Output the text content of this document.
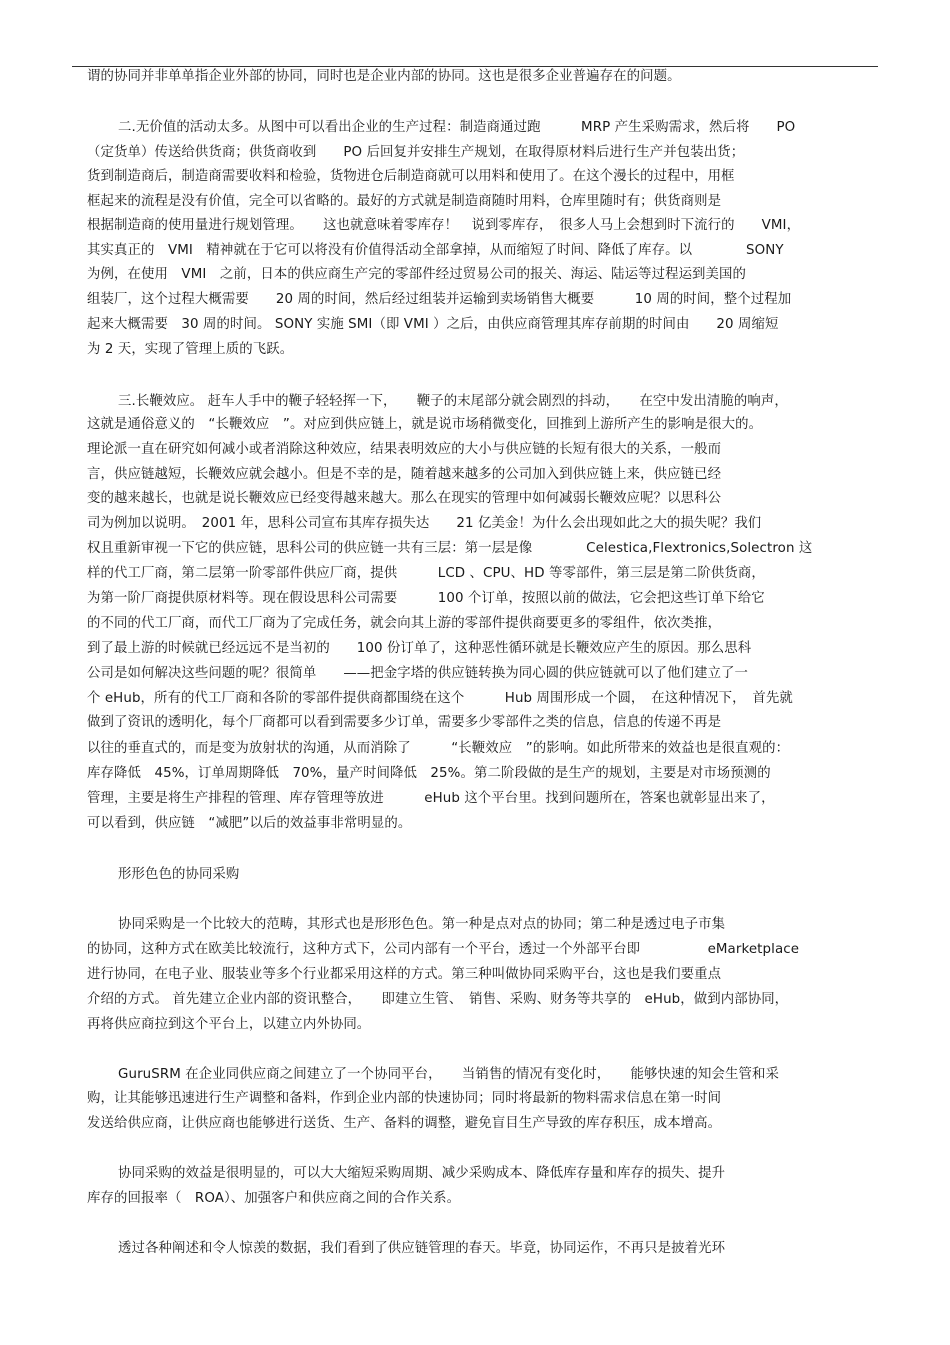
谓的协同并非单单指企业外部的协同，同时也是企业内部的协同。这也是很多企业普遍存在的问题。
二.无价值的活动太多。从图中可以看出企业的生产过程：制造商通过跑　　　MRP 产生采购需求，然后将　　PO
（定货单）传送给供货商；供货商收到　　PO 后回复并安排生产规划，在取得原材料后进行生产并包装出货；
货到制造商后，制造商需要收料和检验，货物进仓后制造商就可以用料和使用了。在这个漫长的过程中，用框
框起来的流程是没有价值，完全可以省略的。最好的方式就是制造商随时用料，仓库里随时有；供货商则是
根据制造商的使用量进行规划管理。　　这也就意味着零库存！　说到零库存，　很多人马上会想到时下流行的　　VMI，
其实真正的　VMI　精神就在于它可以将没有价值得活动全部拿掉，从而缩短了时间、降低了库存。以　　　　SONY
为例，在使用　VMI　之前，日本的供应商生产完的零部件经过贸易公司的报关、海运、陆运等过程运到美国的
组装厂，这个过程大概需要　　20 周的时间，然后经过组装并运输到卖场销售大概要　　　10 周的时间，整个过程加
起来大概需要　30 周的时间。 SONY 实施 SMI（即 VMI ）之后，由供应商管理其库存前期的时间由　　20 周缩短
为 2 天，实现了管理上质的飞跃。
三.长鞭效应。 赶车人手中的鞭子轻轻挥一下，　　鞭子的末尾部分就会剧烈的抖动，　　在空中发出清脆的响声，
这就是通俗意义的　“长鞭效应　”。对应到供应链上，就是说市场稍微变化，回推到上游所产生的影响是很大的。
理论派一直在研究如何减小或者消除这种效应，结果表明效应的大小与供应链的长短有很大的关系，一般而
言，供应链越短，长鞭效应就会越小。但是不幸的是，随着越来越多的公司加入到供应链上来，供应链已经
变的越来越长，也就是说长鞭效应已经变得越来越大。那么在现实的管理中如何减弱长鞭效应呢？以思科公
司为例加以说明。　2001 年，思科公司宣布其库存损失达　　21 亿美金！为什么会出现如此之大的损失呢？我们
权且重新审视一下它的供应链，思科公司的供应链一共有三层：第一层是像　　　　Celestica,Flextronics,Solectron 这
样的代工厂商，第二层第一阶零部件供应厂商，提供　　　LCD 、CPU、HD 等零部件，第三层是第二阶供货商，
为第一阶厂商提供原材料等。现在假设思科公司需要　　　100 个订单，按照以前的做法，它会把这些订单下给它
的不同的代工厂商，而代工厂商为了完成任务，就会向其上游的零部件提供商要更多的零组件，依次类推，
到了最上游的时候就已经远远不是当初的　　100 份订单了，这种恶性循环就是长鞭效应产生的原因。那么思科
公司是如何解决这些问题的呢？很简单　　——把金字塔的供应链转换为同心圆的供应链就可以了他们建立了一
个 eHub，所有的代工厂商和各阶的零部件提供商都围绕在这个　　　Hub 周围形成一个圆，　在这种情况下，　首先就
做到了资讯的透明化，每个厂商都可以看到需要多少订单，需要多少零部件之类的信息，信息的传递不再是
以往的垂直式的，而是变为放射状的沟通，从而消除了　　　“长鞭效应　”的影响。如此所带来的效益也是很直观的：
库存降低　45%，订单周期降低　70%，量产时间降低　25%。第二阶段做的是生产的规划，主要是对市场预测的
管理，主要是将生产排程的管理、库存管理等放进　　　eHub 这个平台里。找到问题所在，答案也就彰显出来了，
可以看到，供应链　“减肥”以后的效益事非常明显的。
形形色色的协同采购
协同采购是一个比较大的范畴，其形式也是形形色色。第一种是点对点的协同；第二种是透过电子市集
的协同，这种方式在欧美比较流行，这种方式下，公司内部有一个平台，透过一个外部平台即　　　　　eMarketplace
进行协同，在电子业、服装业等多个行业都采用这样的方式。第三种叫做协同采购平台，这也是我们要重点
介绍的方式。 首先建立企业内部的资讯整合，　　即建立生管、　销售、采购、财务等共享的　eHub，做到内部协同，
再将供应商拉到这个平台上，以建立内外协同。
GuruSRM 在企业同供应商之间建立了一个协同平台，　　当销售的情况有变化时，　　能够快速的知会生管和采
购，让其能够迅速进行生产调整和备料，作到企业内部的快速协同；同时将最新的物料需求信息在第一时间
发送给供应商，让供应商也能够进行送货、生产、备料的调整，避免盲目生产导致的库存积压，成本增高。
协同采购的效益是很明显的，可以大大缩短采购周期、减少采购成本、降低库存量和库存的损失、提升
库存的回报率（　ROA）、加强客户和供应商之间的合作关系。
透过各种阐述和令人惊羡的数据，我们看到了供应链管理的春天。毕竟，协同运作，不再只是披着光环
